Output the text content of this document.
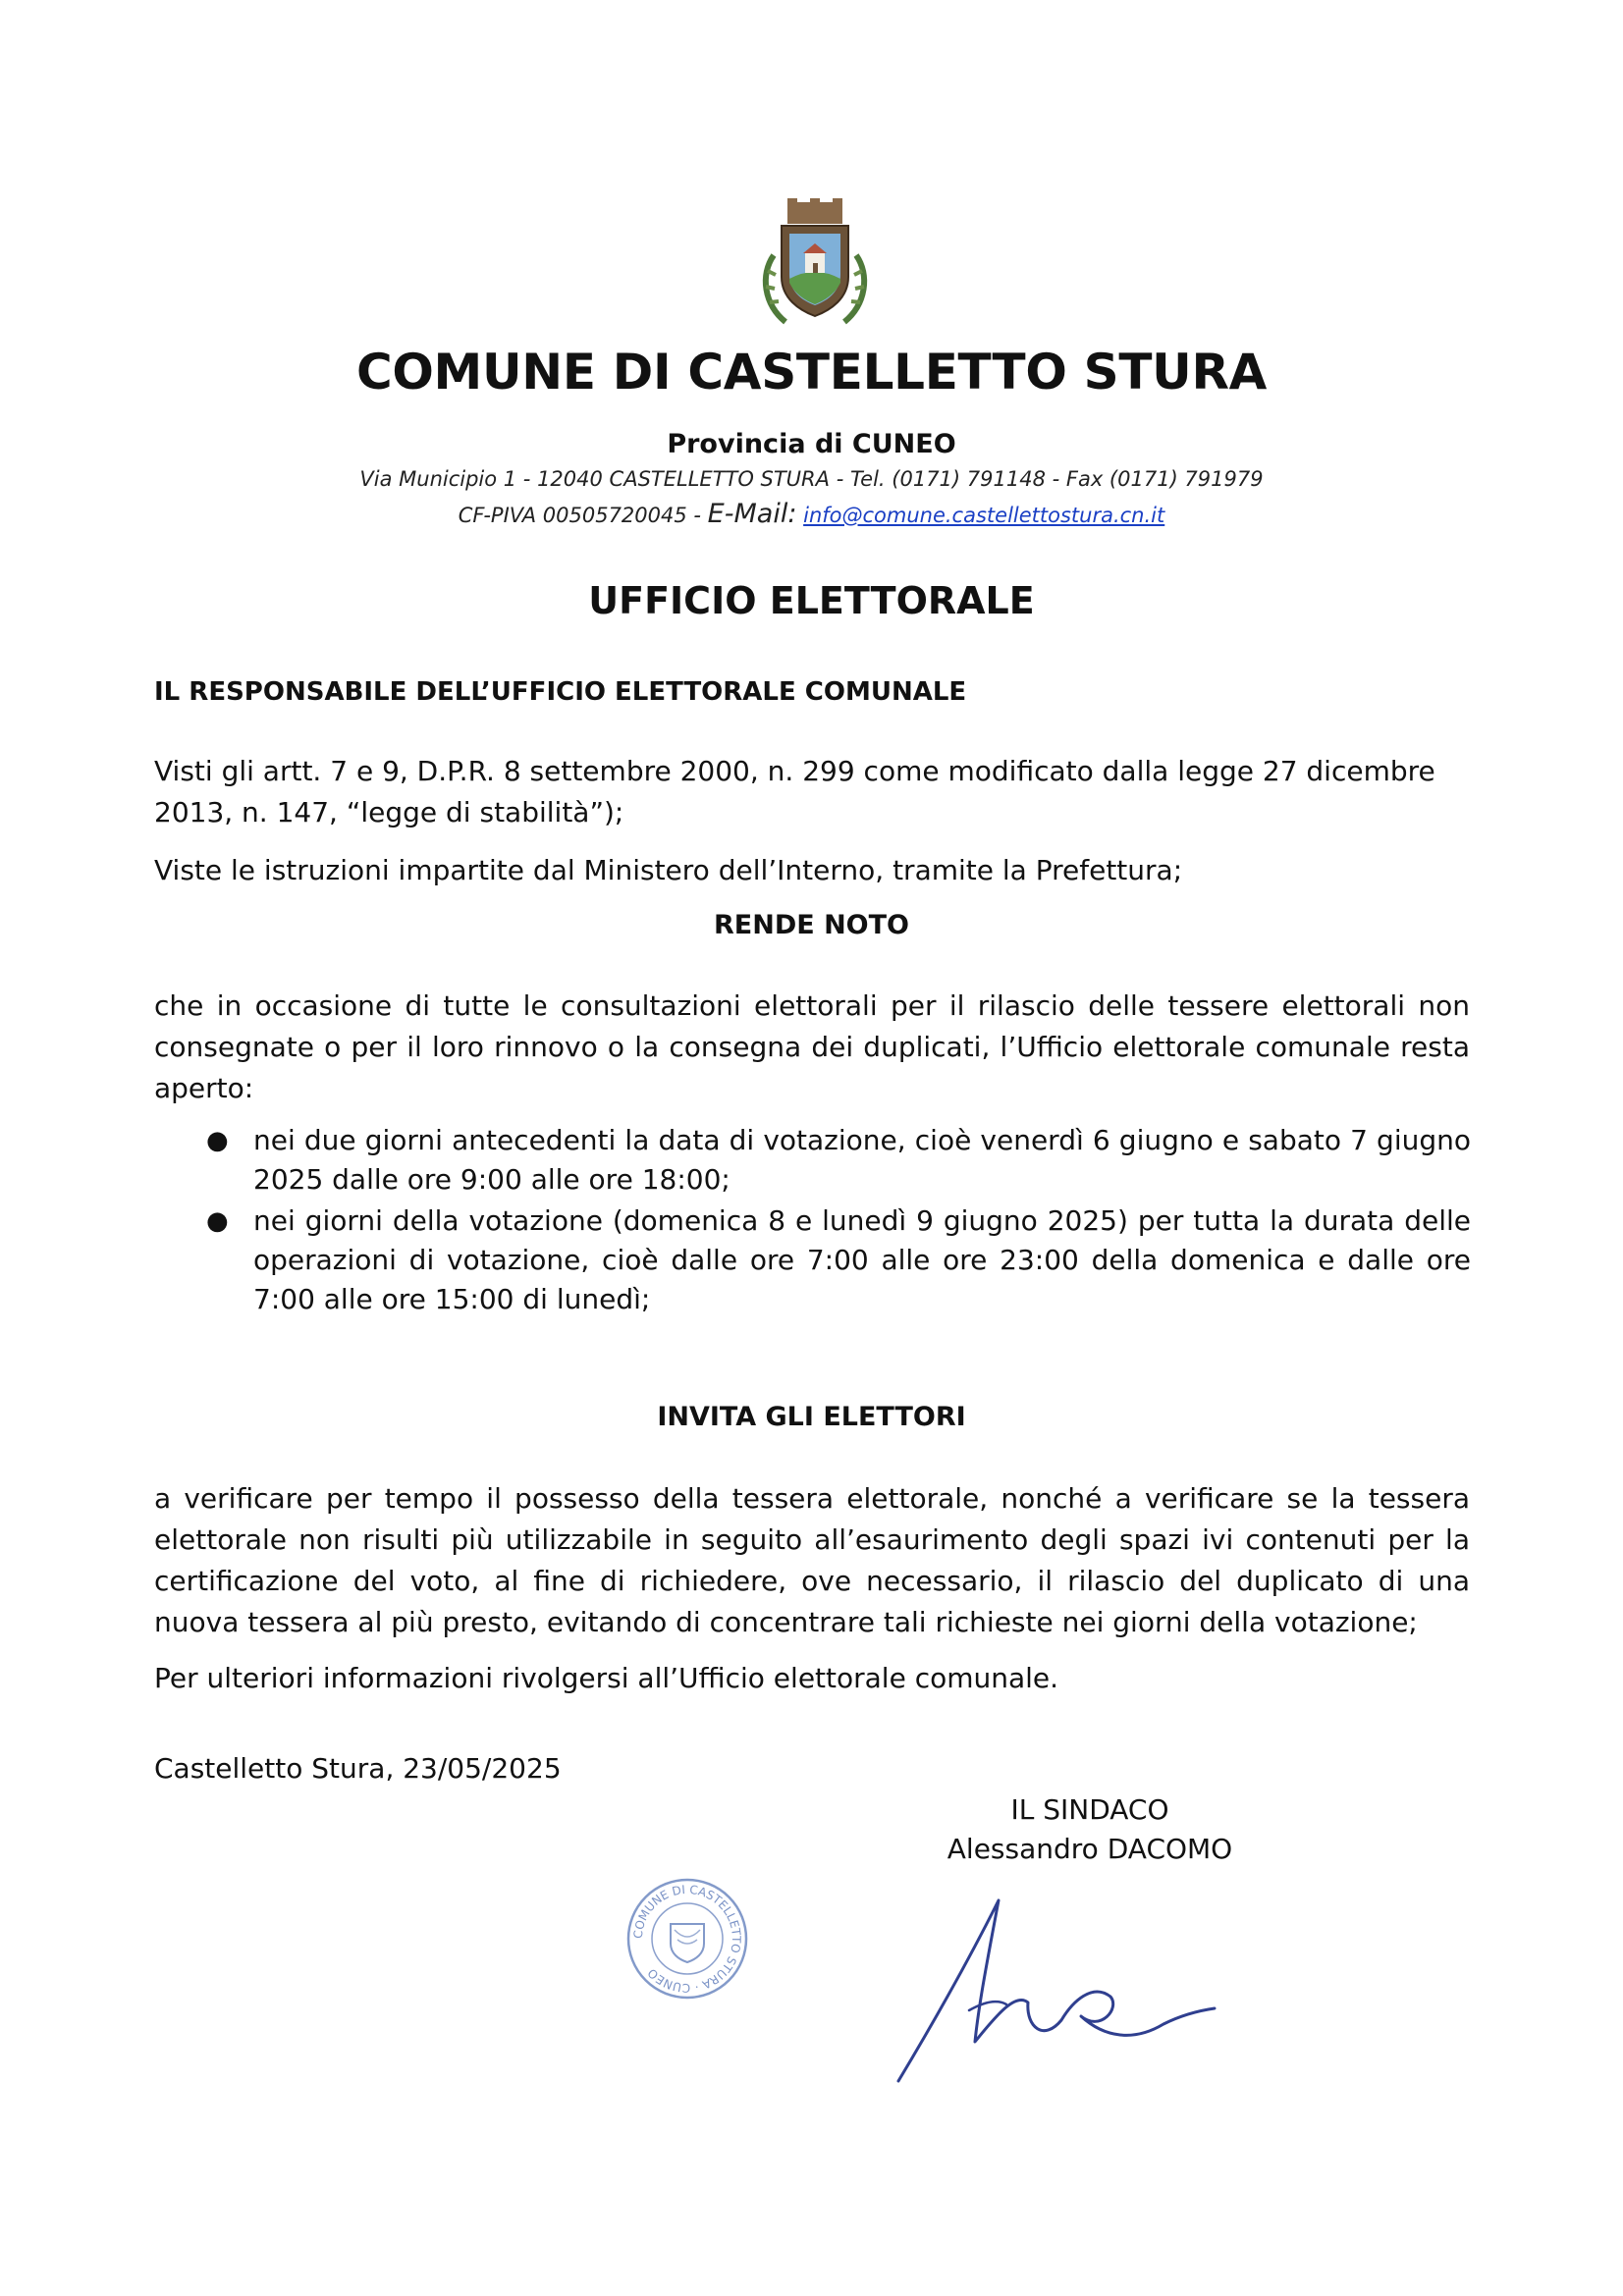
COMUNE DI CASTELLETTO STURA
Provincia di CUNEO
Via Municipio 1 - 12040 CASTELLETTO STURA - Tel. (0171) 791148 - Fax (0171) 791979
CF-PIVA 00505720045 - E-Mail: info@comune.castellettostura.cn.it
UFFICIO ELETTORALE
IL RESPONSABILE DELL’UFFICIO ELETTORALE COMUNALE
Visti gli artt. 7 e 9, D.P.R. 8 settembre 2000, n. 299 come modificato dalla legge 27 dicembre 2013, n. 147, “legge di stabilità”);
Viste le istruzioni impartite dal Ministero dell’Interno, tramite la Prefettura;
RENDE NOTO
che in occasione di tutte le consultazioni elettorali per il rilascio delle tessere elettorali non consegnate o per il loro rinnovo o la consegna dei duplicati, l’Ufficio elettorale comunale resta aperto:
● nei due giorni antecedenti la data di votazione, cioè venerdì 6 giugno e sabato 7 giugno 2025 dalle ore 9:00 alle ore 18:00;
● nei giorni della votazione (domenica 8 e lunedì 9 giugno 2025) per tutta la durata delle operazioni di votazione, cioè dalle ore 7:00 alle ore 23:00 della domenica e dalle ore 7:00 alle ore 15:00 di lunedì;
INVITA GLI ELETTORI
a verificare per tempo il possesso della tessera elettorale, nonché a verificare se la tessera elettorale non risulti più utilizzabile in seguito all’esaurimento degli spazi ivi contenuti per la certificazione del voto, al fine di richiedere, ove necessario, il rilascio del duplicato di una nuova tessera al più presto, evitando di concentrare tali richieste nei giorni della votazione;
Per ulteriori informazioni rivolgersi all’Ufficio elettorale comunale.
Castelletto Stura, 23/05/2025
IL SINDACO
Alessandro DACOMO
COMUNE DI CASTELLETTO STURA · CUNEO
